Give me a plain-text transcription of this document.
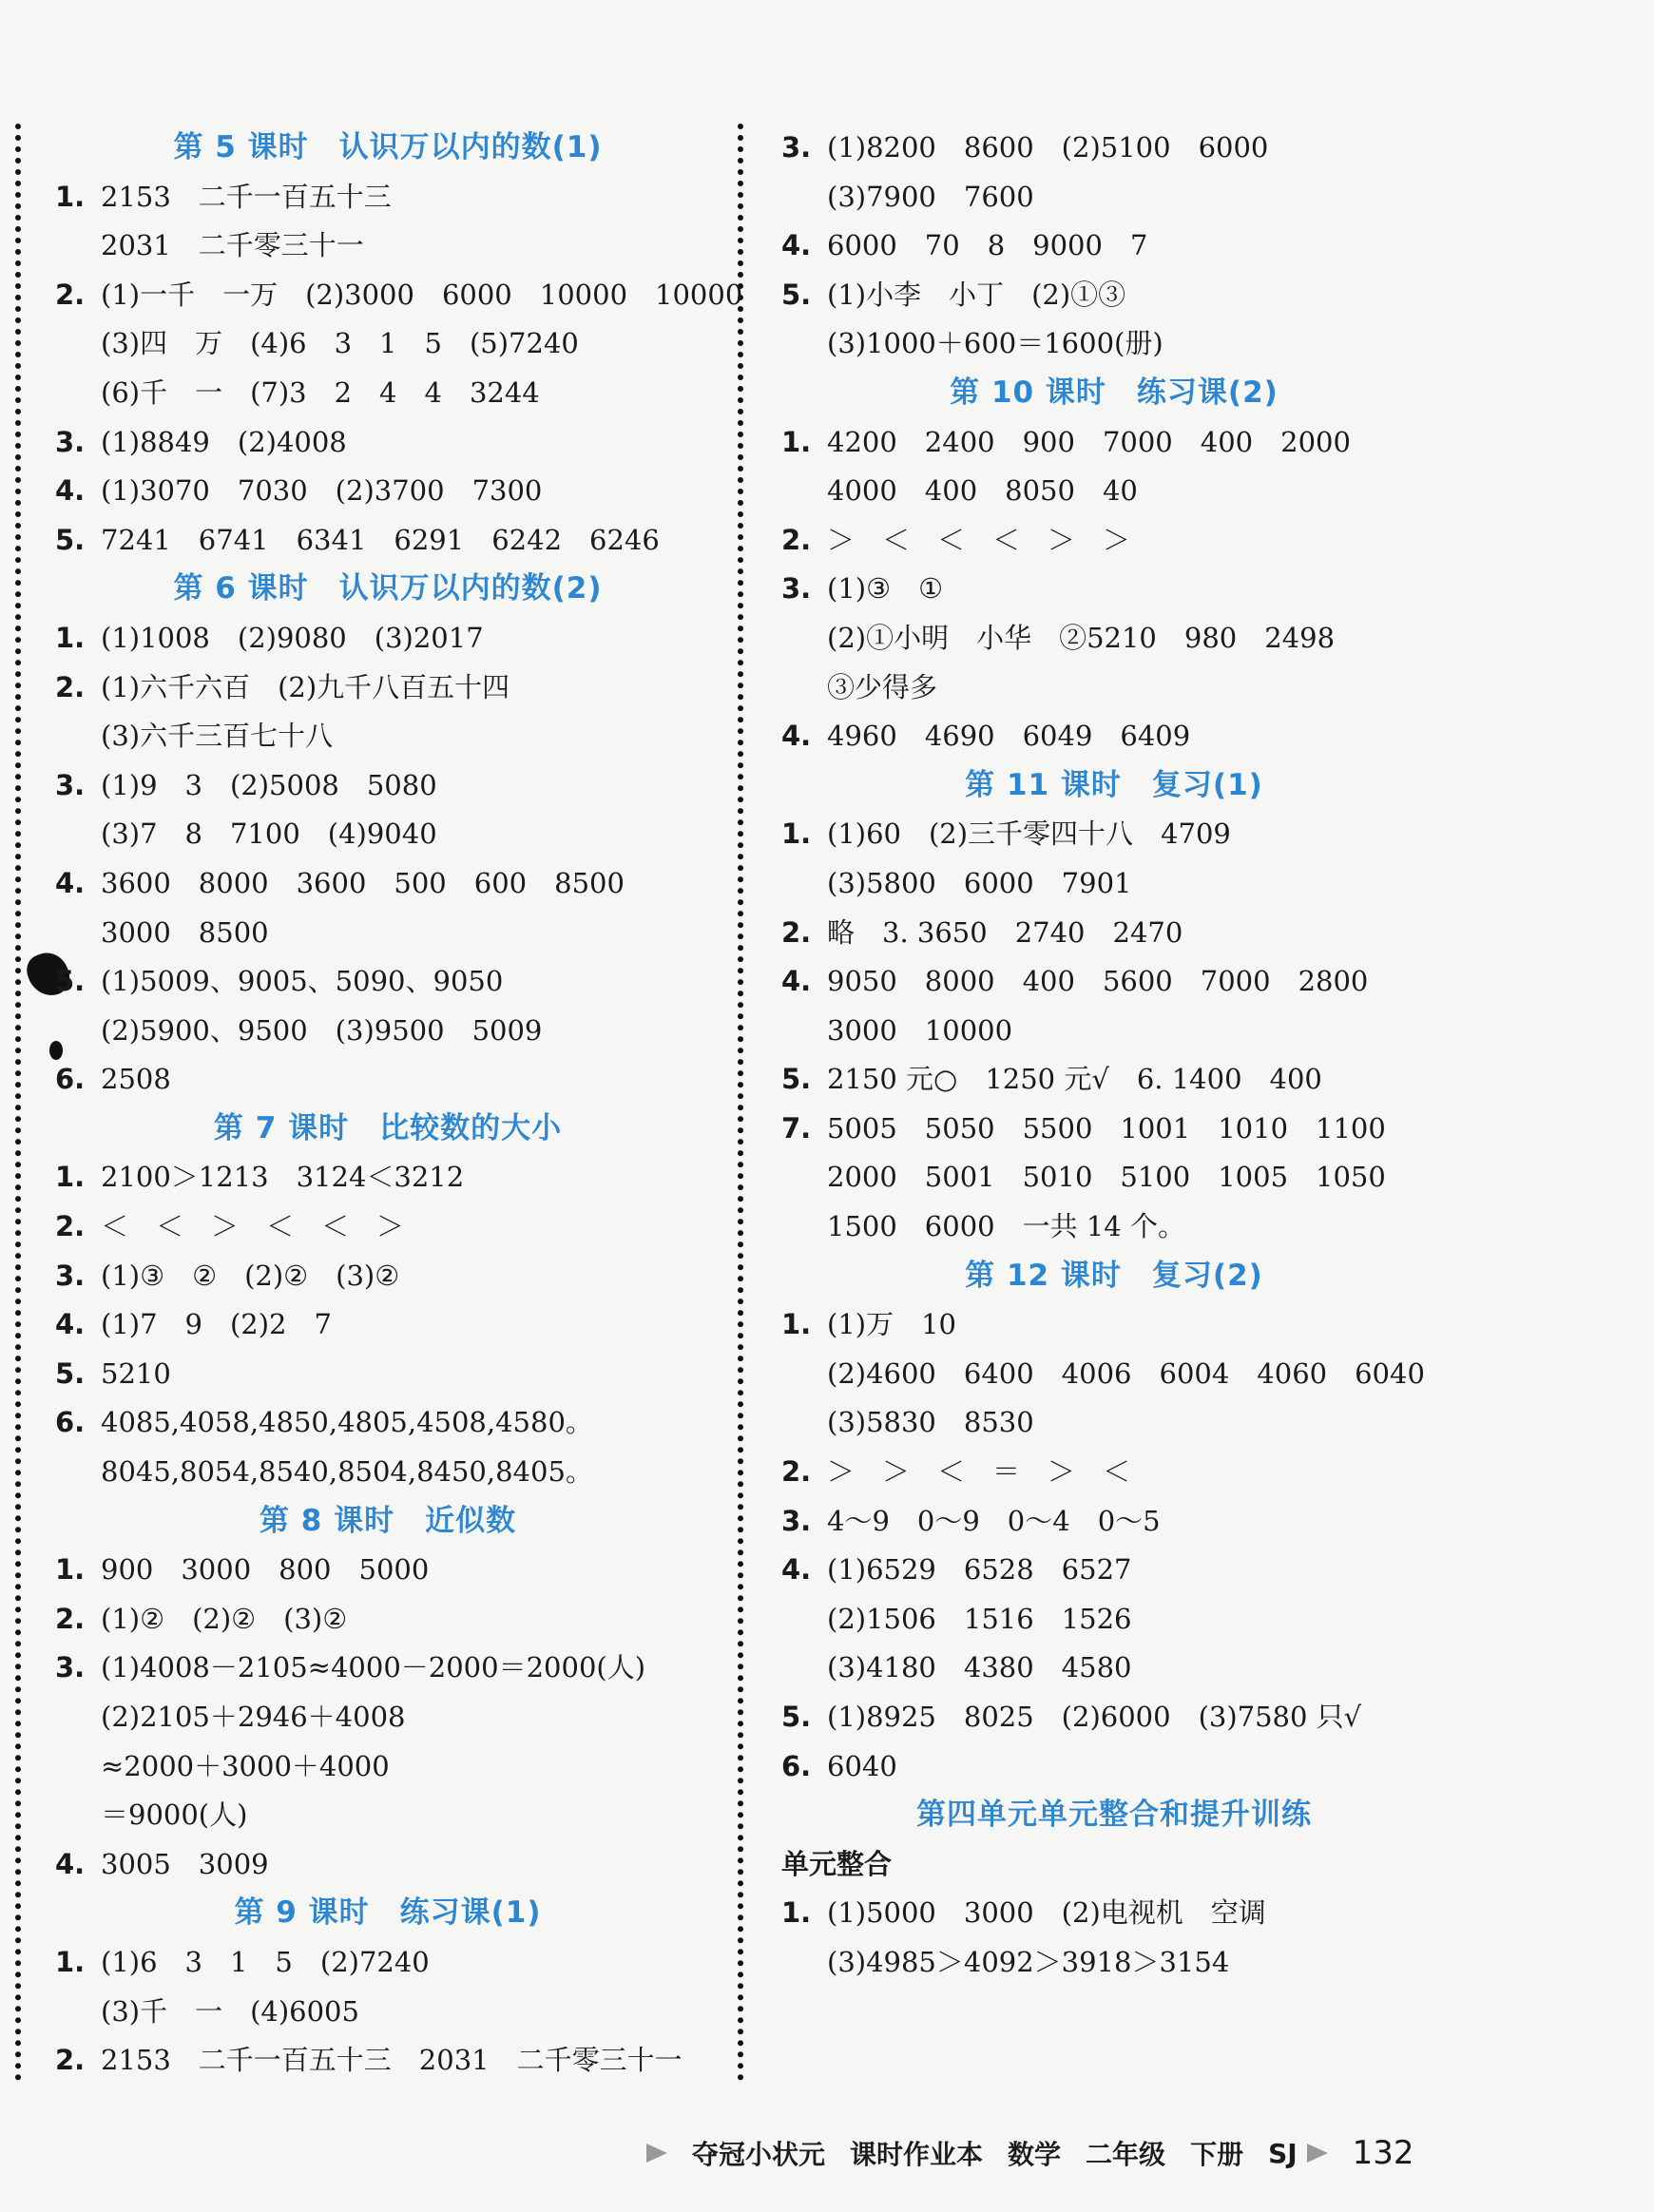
第 5 课时　认识万以内的数(1)
1. 2153　二千一百五十三
2031　二千零三十一
2. (1)一千　一万　(2)3000　6000　10000　10000
(3)四　万　(4)6　3　1　5　(5)7240
(6)千　一　(7)3　2　4　4　3244
3. (1)8849　(2)4008
4. (1)3070　7030　(2)3700　7300
5. 7241　6741　6341　6291　6242　6246
第 6 课时　认识万以内的数(2)
1. (1)1008　(2)9080　(3)2017
2. (1)六千六百　(2)九千八百五十四
(3)六千三百七十八
3. (1)9　3　(2)5008　5080
(3)7　8　7100　(4)9040
4. 3600　8000　3600　500　600　8500
3000　8500
5. (1)5009、9005、5090、9050
(2)5900、9500　(3)9500　5009
6. 2508
第 7 课时　比较数的大小
1. 2100＞1213　3124＜3212
2. ＜　＜　＞　＜　＜　＞
3. (1)③　②　(2)②　(3)②
4. (1)7　9　(2)2　7
5. 5210
6. 4085,4058,4850,4805,4508,4580。
8045,8054,8540,8504,8450,8405。
第 8 课时　近似数
1. 900　3000　800　5000
2. (1)②　(2)②　(3)②
3. (1)4008－2105≈4000－2000＝2000(人)
(2)2105＋2946＋4008
≈2000＋3000＋4000
＝9000(人)
4. 3005　3009
第 9 课时　练习课(1)
1. (1)6　3　1　5　(2)7240
(3)千　一　(4)6005
2. 2153　二千一百五十三　2031　二千零三十一
3. (1)8200　8600　(2)5100　6000
(3)7900　7600
4. 6000　70　8　9000　7
5. (1)小李　小丁　(2)①③
(3)1000＋600＝1600(册)
第 10 课时　练习课(2)
1. 4200　2400　900　7000　400　2000
4000　400　8050　40
2. ＞　＜　＜　＜　＞　＞
3. (1)③　①
(2)①小明　小华　②5210　980　2498
③少得多
4. 4960　4690　6049　6409
第 11 课时　复习(1)
1. (1)60　(2)三千零四十八　4709
(3)5800　6000　7901
2. 略　3. 3650　2740　2470
4. 9050　8000　400　5600　7000　2800
3000　10000
5. 2150 元○　1250 元√　6. 1400　400
7. 5005　5050　5500　1001　1010　1100
2000　5001　5010　5100　1005　1050
1500　6000　一共 14 个。
第 12 课时　复习(2)
1. (1)万　10
(2)4600　6400　4006　6004　4060　6040
(3)5830　8530
2. ＞　＞　＜　＝　＞　＜
3. 4～9　0～9　0～4　0～5
4. (1)6529　6528　6527
(2)1506　1516　1526
(3)4180　4380　4580
5. (1)8925　8025　(2)6000　(3)7580 只√
6. 6040
第四单元单元整合和提升训练
单元整合
1. (1)5000　3000　(2)电视机　空调
(3)4985＞4092＞3918＞3154
夺冠小状元 课时作业本 数学 二年级 下册 SJ 132
